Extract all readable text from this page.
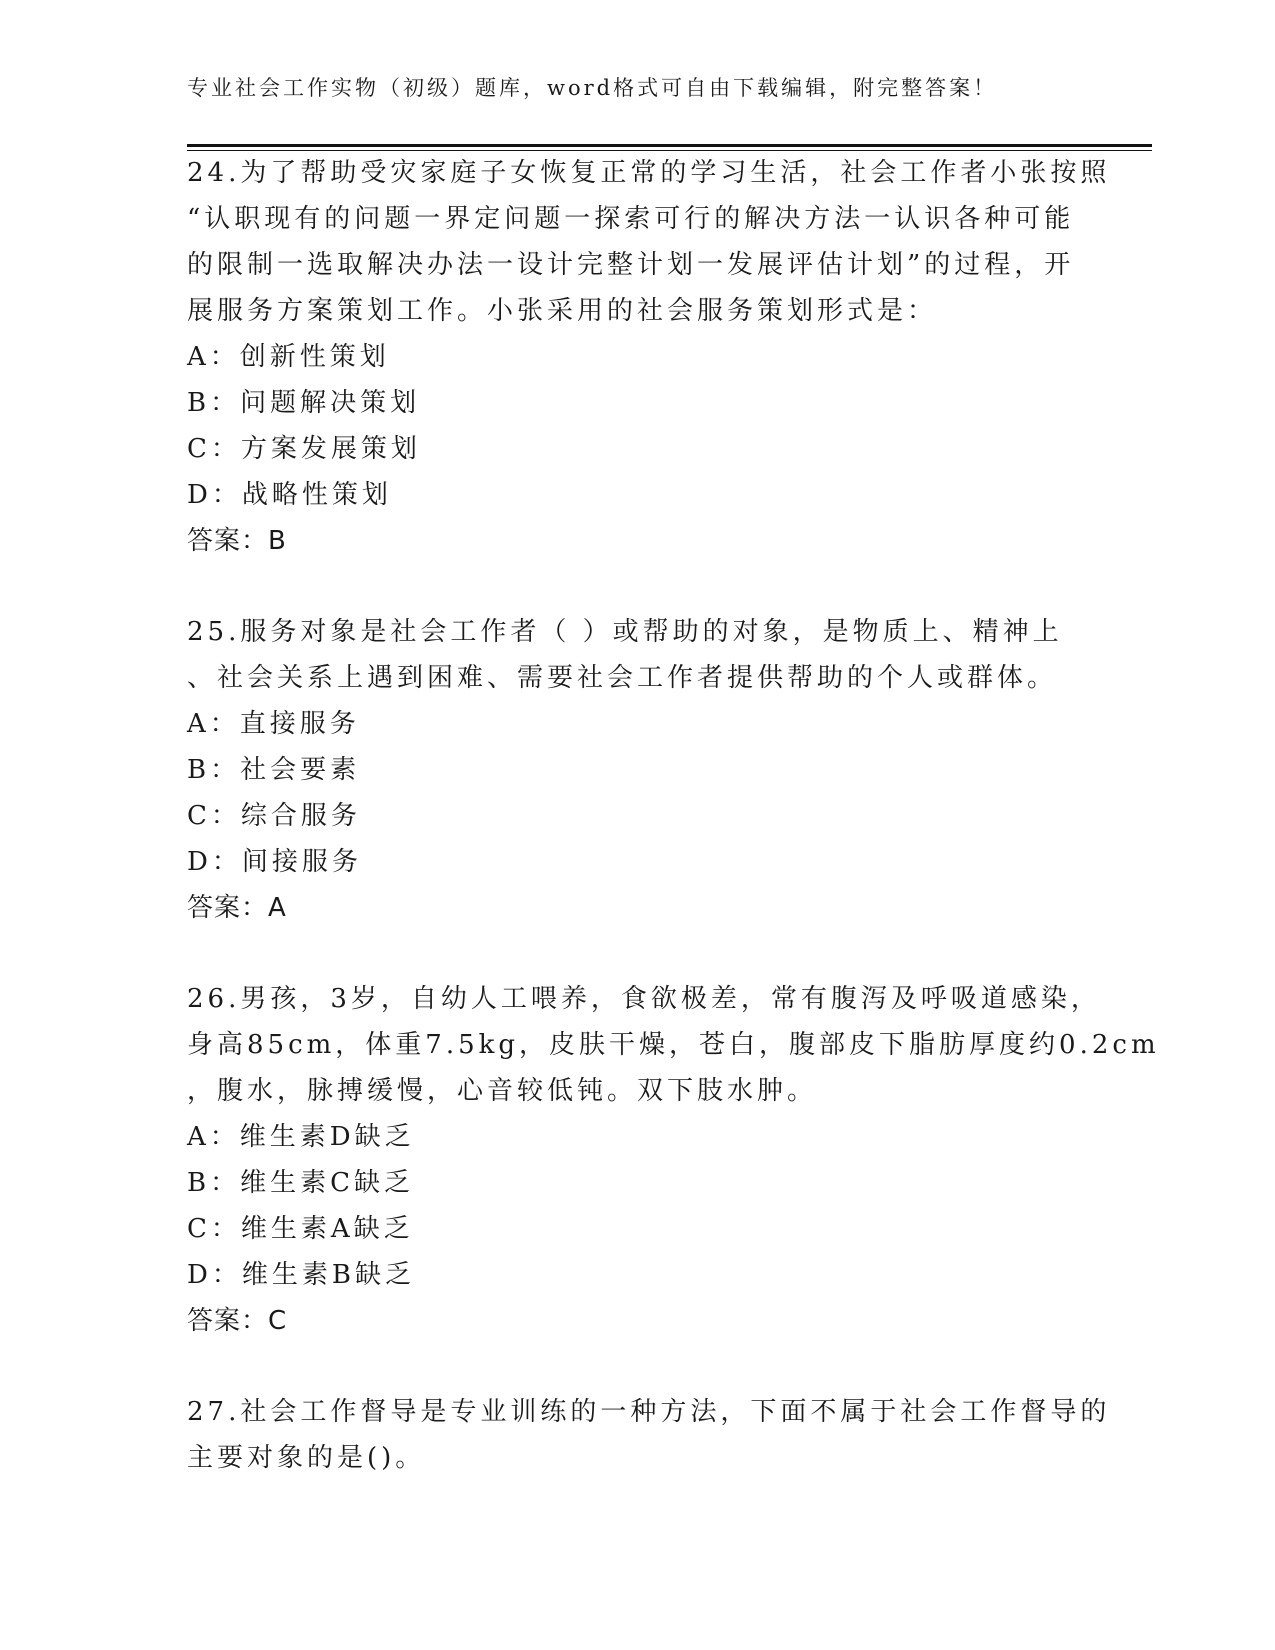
专业社会工作实物（初级）题库，word格式可自由下载编辑，附完整答案！
24.为了帮助受灾家庭子女恢复正常的学习生活，社会工作者小张按照
“认职现有的问题一界定问题一探索可行的解决方法一认识各种可能
的限制一选取解决办法一设计完整计划一发展评估计划”的过程，开
展服务方案策划工作。小张采用的社会服务策划形式是：
A：创新性策划
B：问题解决策划
C：方案发展策划
D：战略性策划
答案：B
25.服务对象是社会工作者（ ）或帮助的对象，是物质上、精神上
、社会关系上遇到困难、需要社会工作者提供帮助的个人或群体。
A：直接服务
B：社会要素
C：综合服务
D：间接服务
答案：A
26.男孩，3岁，自幼人工喂养，食欲极差，常有腹泻及呼吸道感染，
身高85cm，体重7.5kg，皮肤干燥，苍白，腹部皮下脂肪厚度约0.2cm
，腹水，脉搏缓慢，心音较低钝。双下肢水肿。
A：维生素D缺乏
B：维生素C缺乏
C：维生素A缺乏
D：维生素B缺乏
答案：C
27.社会工作督导是专业训练的一种方法，下面不属于社会工作督导的
主要对象的是()。
